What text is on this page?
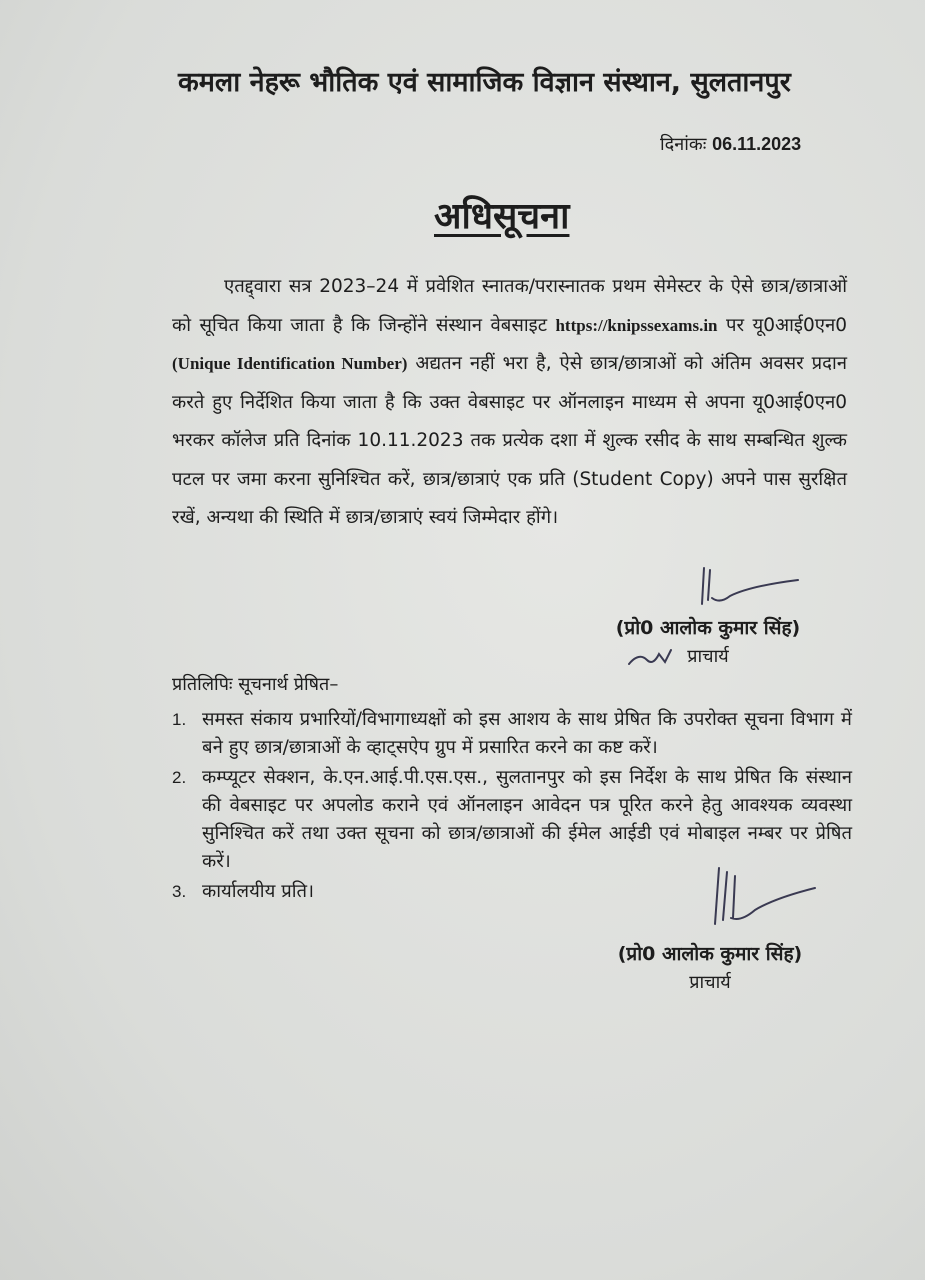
कमला नेहरू भौतिक एवं सामाजिक विज्ञान संस्थान, सुलतानपुर
दिनांकः 06.11.2023
अधिसूचना
एतद्द्वारा सत्र 2023–24 में प्रवेशित स्नातक/परास्नातक प्रथम सेमेस्टर के ऐसे छात्र/छात्राओं को सूचित किया जाता है कि जिन्होंने संस्थान वेबसाइट https://knipssexams.in पर यू0आई0एन0 (Unique Identification Number) अद्यतन नहीं भरा है, ऐसे छात्र/छात्राओं को अंतिम अवसर प्रदान करते हुए निर्देशित किया जाता है कि उक्त वेबसाइट पर ऑनलाइन माध्यम से अपना यू0आई0एन0 भरकर कॉलेज प्रति दिनांक 10.11.2023 तक प्रत्येक दशा में शुल्क रसीद के साथ सम्बन्धित शुल्क पटल पर जमा करना सुनिश्चित करें, छात्र/छात्राएं एक प्रति (Student Copy) अपने पास सुरक्षित रखें, अन्यथा की स्थिति में छात्र/छात्राएं स्वयं जिम्मेदार होंगे।
(प्रो0 आलोक कुमार सिंह)
प्राचार्य
प्रतिलिपिः सूचनार्थ प्रेषित–
1. समस्त संकाय प्रभारियों/विभागाध्यक्षों को इस आशय के साथ प्रेषित कि उपरोक्त सूचना विभाग में बने हुए छात्र/छात्राओं के व्हाट्सऐप ग्रुप में प्रसारित करने का कष्ट करें।
2. कम्प्यूटर सेक्शन, के.एन.आई.पी.एस.एस., सुलतानपुर को इस निर्देश के साथ प्रेषित कि संस्थान की वेबसाइट पर अपलोड कराने एवं ऑनलाइन आवेदन पत्र पूरित करने हेतु आवश्यक व्यवस्था सुनिश्चित करें तथा उक्त सूचना को छात्र/छात्राओं की ईमेल आईडी एवं मोबाइल नम्बर पर प्रेषित करें।
3. कार्यालयीय प्रति।
(प्रो0 आलोक कुमार सिंह)
प्राचार्य
